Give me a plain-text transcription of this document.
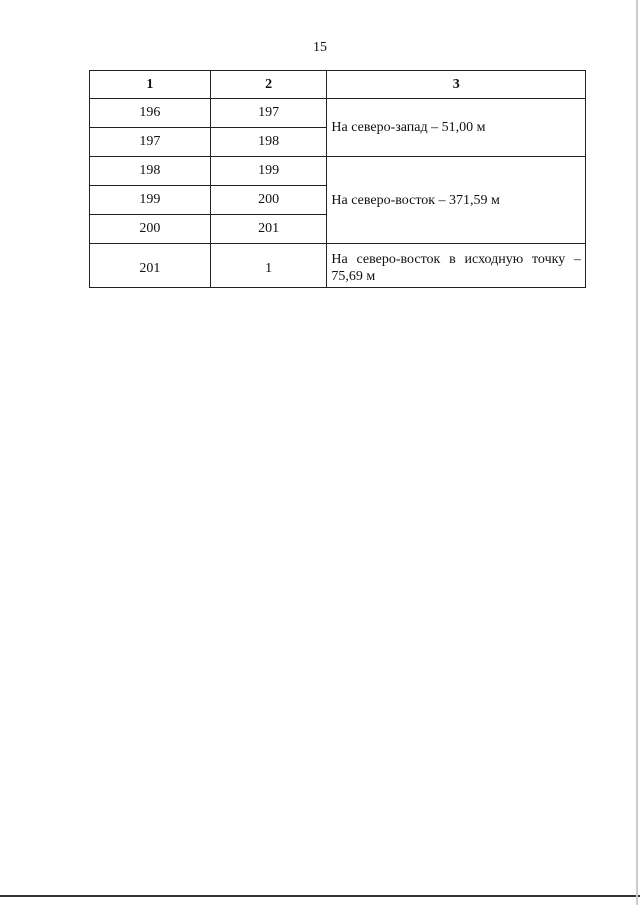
15
1	2	3
196	197	На северо-запад – 51,00 м
197	198	
198	199	На северо-восток – 371,59 м
199	200	
200	201	
201	1	На северо-восток в исходную точку – 75,69 м
